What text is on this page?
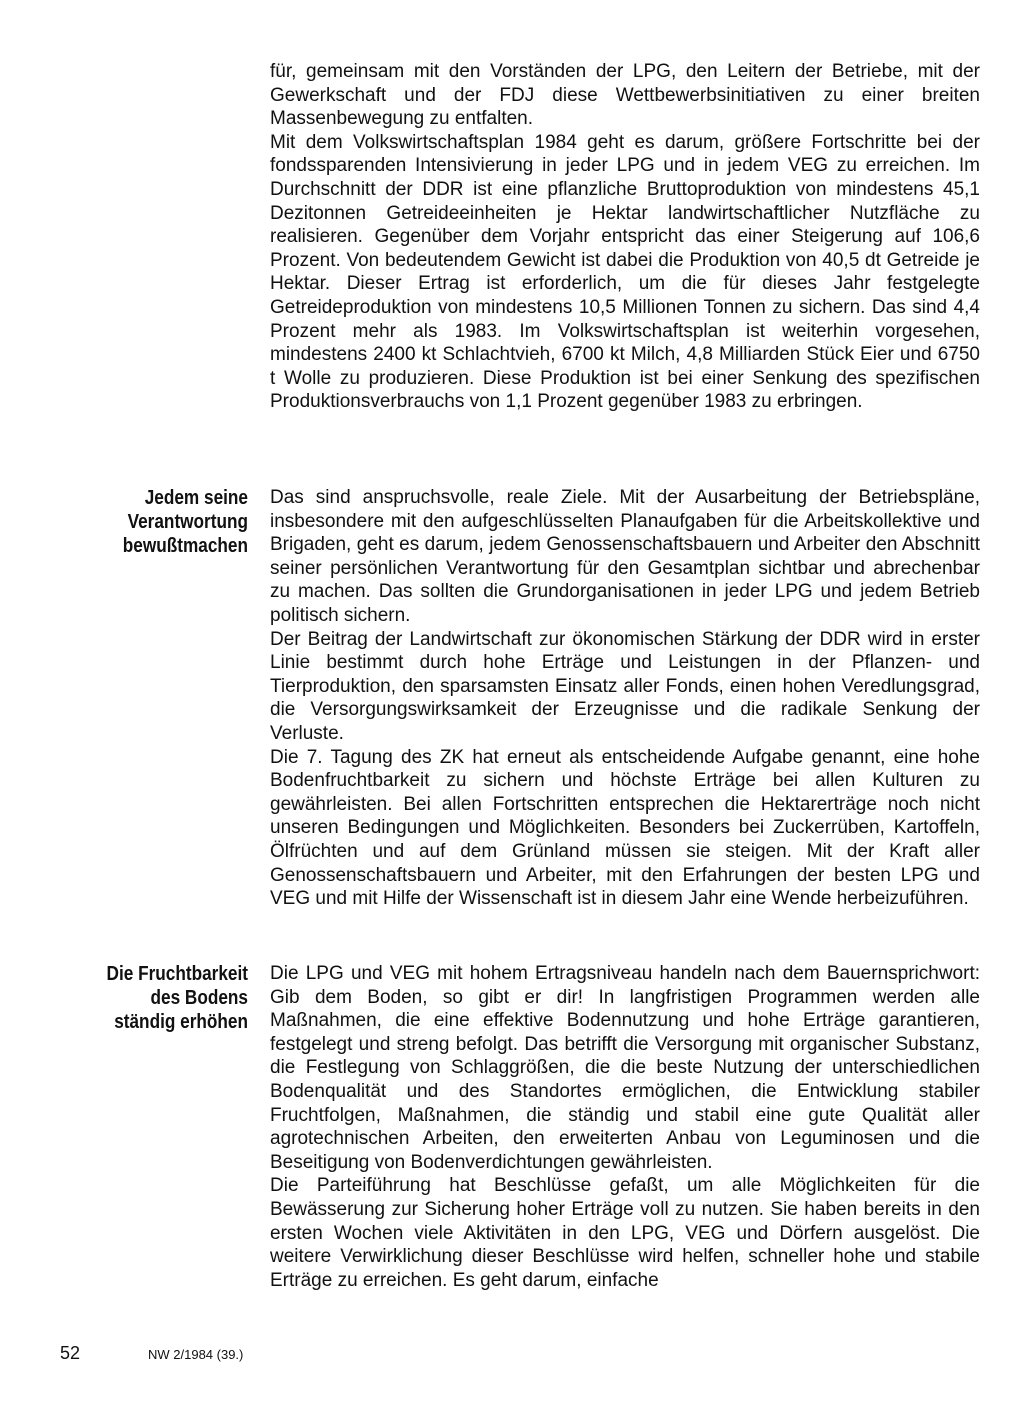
für, gemeinsam mit den Vorständen der LPG, den Leitern der Betriebe, mit der Gewerkschaft und der FDJ diese Wettbewerbsinitiativen zu einer breiten Massenbewegung zu entfalten.

Mit dem Volkswirtschaftsplan 1984 geht es darum, größere Fortschritte bei der fondssparenden Intensivierung in jeder LPG und in jedem VEG zu erreichen. Im Durchschnitt der DDR ist eine pflanzliche Bruttoproduktion von mindestens 45,1 Dezitonnen Getreideeinheiten je Hektar landwirtschaftlicher Nutzfläche zu realisieren. Gegenüber dem Vorjahr entspricht das einer Steigerung auf 106,6 Prozent. Von bedeutendem Gewicht ist dabei die Produktion von 40,5 dt Getreide je Hektar. Dieser Ertrag ist erforderlich, um die für dieses Jahr festgelegte Getreideproduktion von mindestens 10,5 Millionen Tonnen zu sichern. Das sind 4,4 Prozent mehr als 1983. Im Volkswirtschaftsplan ist weiterhin vorgesehen, mindestens 2400 kt Schlachtvieh, 6700 kt Milch, 4,8 Milliarden Stück Eier und 6750 t Wolle zu produzieren. Diese Produktion ist bei einer Senkung des spezifischen Produktionsverbrauchs von 1,1 Prozent gegenüber 1983 zu erbringen.

Jedem seine
Verantwortung
bewußtmachen

Das sind anspruchsvolle, reale Ziele. Mit der Ausarbeitung der Betriebspläne, insbesondere mit den aufgeschlüsselten Planaufgaben für die Arbeitskollektive und Brigaden, geht es darum, jedem Genossenschaftsbauern und Arbeiter den Abschnitt seiner persönlichen Verantwortung für den Gesamtplan sichtbar und abrechenbar zu machen. Das sollten die Grundorganisationen in jeder LPG und jedem Betrieb politisch sichern.

Der Beitrag der Landwirtschaft zur ökonomischen Stärkung der DDR wird in erster Linie bestimmt durch hohe Erträge und Leistungen in der Pflanzen- und Tierproduktion, den sparsamsten Einsatz aller Fonds, einen hohen Veredlungsgrad, die Versorgungswirksamkeit der Erzeugnisse und die radikale Senkung der Verluste.

Die 7. Tagung des ZK hat erneut als entscheidende Aufgabe genannt, eine hohe Bodenfruchtbarkeit zu sichern und höchste Erträge bei allen Kulturen zu gewährleisten. Bei allen Fortschritten entsprechen die Hektarerträge noch nicht unseren Bedingungen und Möglichkeiten. Besonders bei Zuckerrüben, Kartoffeln, Ölfrüchten und auf dem Grünland müssen sie steigen. Mit der Kraft aller Genossenschaftsbauern und Arbeiter, mit den Erfahrungen der besten LPG und VEG und mit Hilfe der Wissenschaft ist in diesem Jahr eine Wende herbeizuführen.

Die Fruchtbarkeit
des Bodens
ständig erhöhen

Die LPG und VEG mit hohem Ertragsniveau handeln nach dem Bauernsprichwort: Gib dem Boden, so gibt er dir! In langfristigen Programmen werden alle Maßnahmen, die eine effektive Bodennutzung und hohe Erträge garantieren, festgelegt und streng befolgt. Das betrifft die Versorgung mit organischer Substanz, die Festlegung von Schlaggrößen, die die beste Nutzung der unterschiedlichen Bodenqualität und des Standortes ermöglichen, die Entwicklung stabiler Fruchtfolgen, Maßnahmen, die ständig und stabil eine gute Qualität aller agrotechnischen Arbeiten, den erweiterten Anbau von Leguminosen und die Beseitigung von Bodenverdichtungen gewährleisten.

Die Parteiführung hat Beschlüsse gefaßt, um alle Möglichkeiten für die Bewässerung zur Sicherung hoher Erträge voll zu nutzen. Sie haben bereits in den ersten Wochen viele Aktivitäten in den LPG, VEG und Dörfern ausgelöst. Die weitere Verwirklichung dieser Beschlüsse wird helfen, schneller hohe und stabile Erträge zu erreichen. Es geht darum, einfache

52	NW 2/1984 (39.)
